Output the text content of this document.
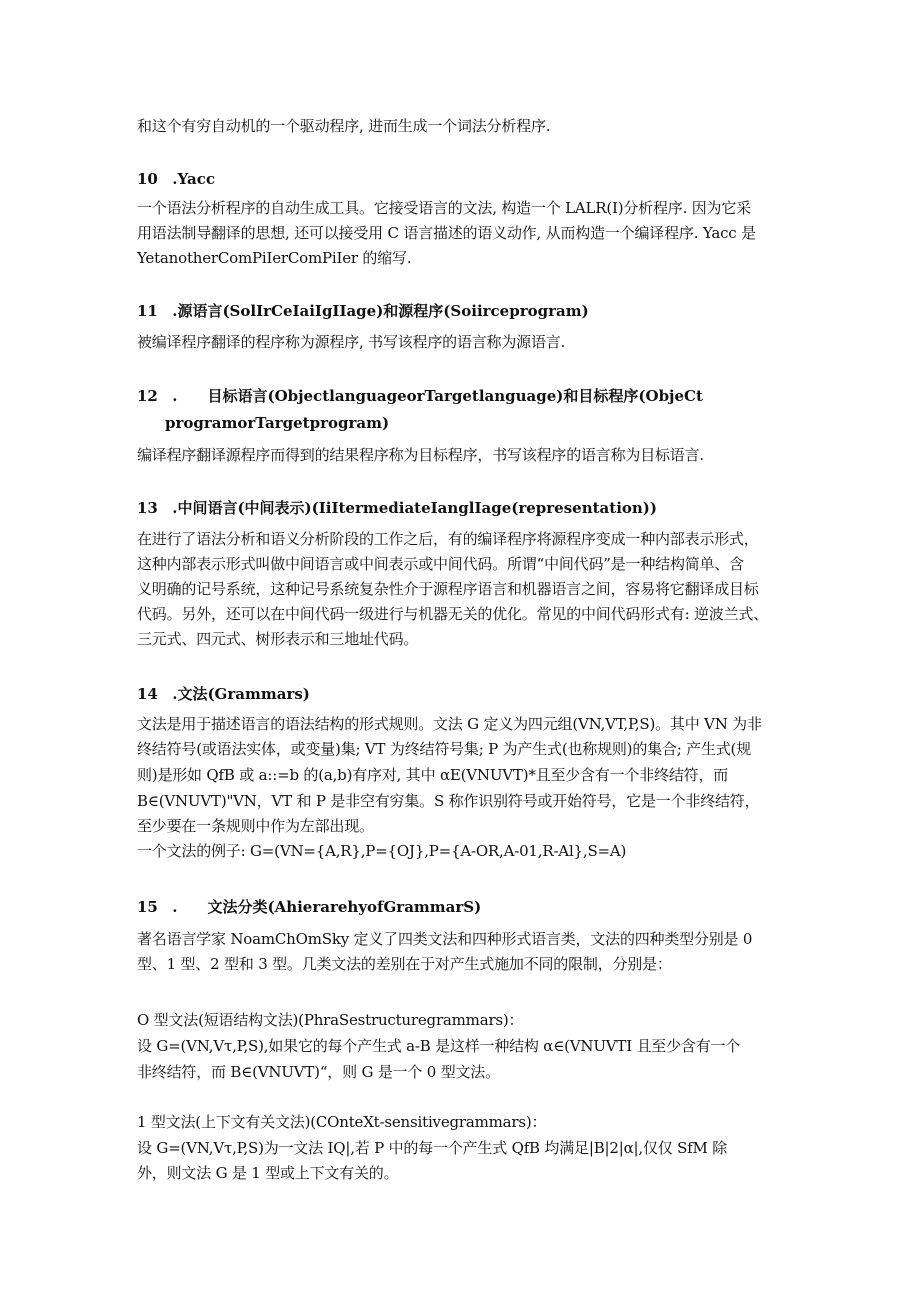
和这个有穷自动机的一个驱动程序, 进而生成一个词法分析程序.
10 .Yacc
一个语法分析程序的自动生成工具。它接受语言的文法, 构造一个 LALR(I)分析程序. 因为它采
用语法制导翻译的思想, 还可以接受用 C 语言描述的语义动作, 从而构造一个编译程序. Yacc 是
YetanotherComPiIerComPiIer 的缩写.
11 .源语言(SolIrCeIaiIgIIage)和源程序(Soiirceprogram)
被编译程序翻译的程序称为源程序, 书写该程序的语言称为源语言.
12 . 目标语言(ObjectlanguageorTargetlanguage)和目标程序(ObjeCt
programorTargetprogram)
编译程序翻译源程序而得到的结果程序称为目标程序，书写该程序的语言称为目标语言.
13 .中间语言(中间表示)(IiItermediateIanglIage(representation))
在进行了语法分析和语义分析阶段的工作之后，有的编译程序将源程序变成一种内部表示形式，
这种内部表示形式叫做中间语言或中间表示或中间代码。所谓“中间代码”是一种结构简单、含
义明确的记号系统，这种记号系统复杂性介于源程序语言和机器语言之间，容易将它翻译成目标
代码。另外，还可以在中间代码一级进行与机器无关的优化。常见的中间代码形式有: 逆波兰式、
三元式、四元式、树形表示和三地址代码。
14 .文法(Grammars)
文法是用于描述语言的语法结构的形式规则。文法 G 定义为四元组(VN,VT,P,S)。其中 VN 为非
终结符号(或语法实体，或变量)集; VT 为终结符号集; P 为产生式(也称规则)的集合; 产生式(规
则)是形如 QfB 或 a::=b 的(a,b)有序对, 其中 αE(VNUVT)*且至少含有一个非终结符，而
B∈(VNUVT)"VN，VT 和 P 是非空有穷集。S 称作识别符号或开始符号，它是一个非终结符，
至少要在一条规则中作为左部出现。
一个文法的例子: G=(VN={A,R},P={OJ},P={A-OR,A-01,R-Al},S=A)
15 . 文法分类(AhierarehyofGrammarS)
著名语言学家 NoamChOmSky 定义了四类文法和四种形式语言类，文法的四种类型分别是 0
型、1 型、2 型和 3 型。几类文法的差别在于对产生式施加不同的限制，分别是：
O 型文法(短语结构文法)(PhraSestructuregrammars)：
设 G=(VN,Vτ,P,S),如果它的每个产生式 a-B 是这样一种结构 α∈(VNUVTI 且至少含有一个
非终结符，而 B∈(VNUVT)“，则 G 是一个 0 型文法。
1 型文法(上下文有关文法)(COnteXt-sensitivegrammars)：
设 G=(VN,Vτ,P,S)为一文法 IQ|,若 P 中的每一个产生式 QfB 均满足|B|2|α|,仅仅 SfM 除
外，则文法 G 是 1 型或上下文有关的。
